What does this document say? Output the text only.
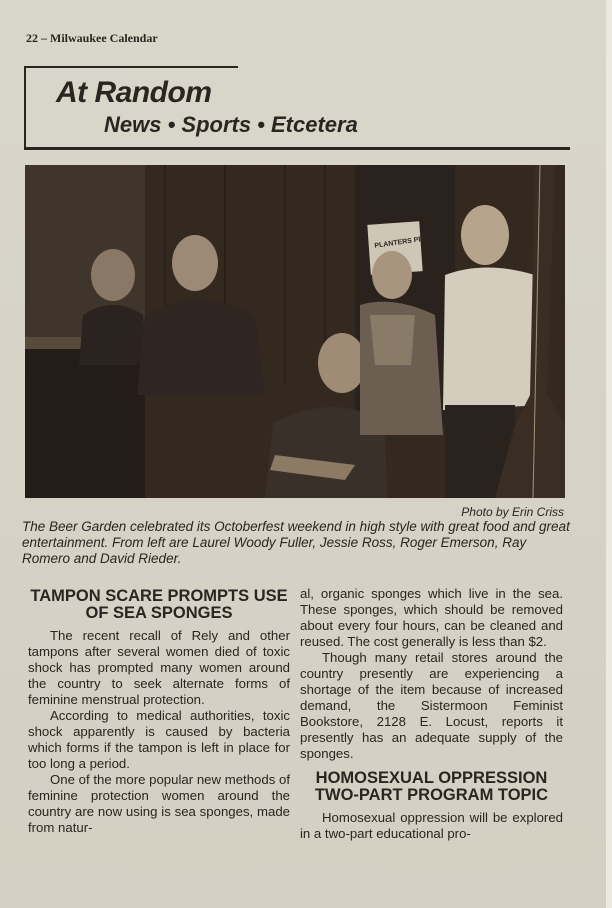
22 – Milwaukee Calendar
At Random
News • Sports • Etcetera
PLANTERS PEANUTS
Photo by Erin Criss
The Beer Garden celebrated its Octoberfest weekend in high style with great food and great entertainment. From left are Laurel Woody Fuller, Jessie Ross, Roger Emerson, Ray Romero and David Rieder.
TAMPON SCARE PROMPTS USE OF SEA SPONGES

The recent recall of Rely and other tampons after several women died of toxic shock has prompted many women around the country to seek alternate forms of feminine menstrual protection.

According to medical authorities, toxic shock apparently is caused by bacteria which forms if the tampon is left in place for too long a period.

One of the more popular new methods of feminine protection women around the country are now using is sea sponges, made from natur-

al, organic sponges which live in the sea. These sponges, which should be removed about every four hours, can be cleaned and reused. The cost generally is less than $2.

Though many retail stores around the country presently are experiencing a shortage of the item because of increased demand, the Sistermoon Feminist Bookstore, 2128 E. Locust, reports it presently has an adequate supply of the sponges.

HOMOSEXUAL OPPRESSION TWO-PART PROGRAM TOPIC

Homosexual oppression will be explored in a two-part educational pro-
